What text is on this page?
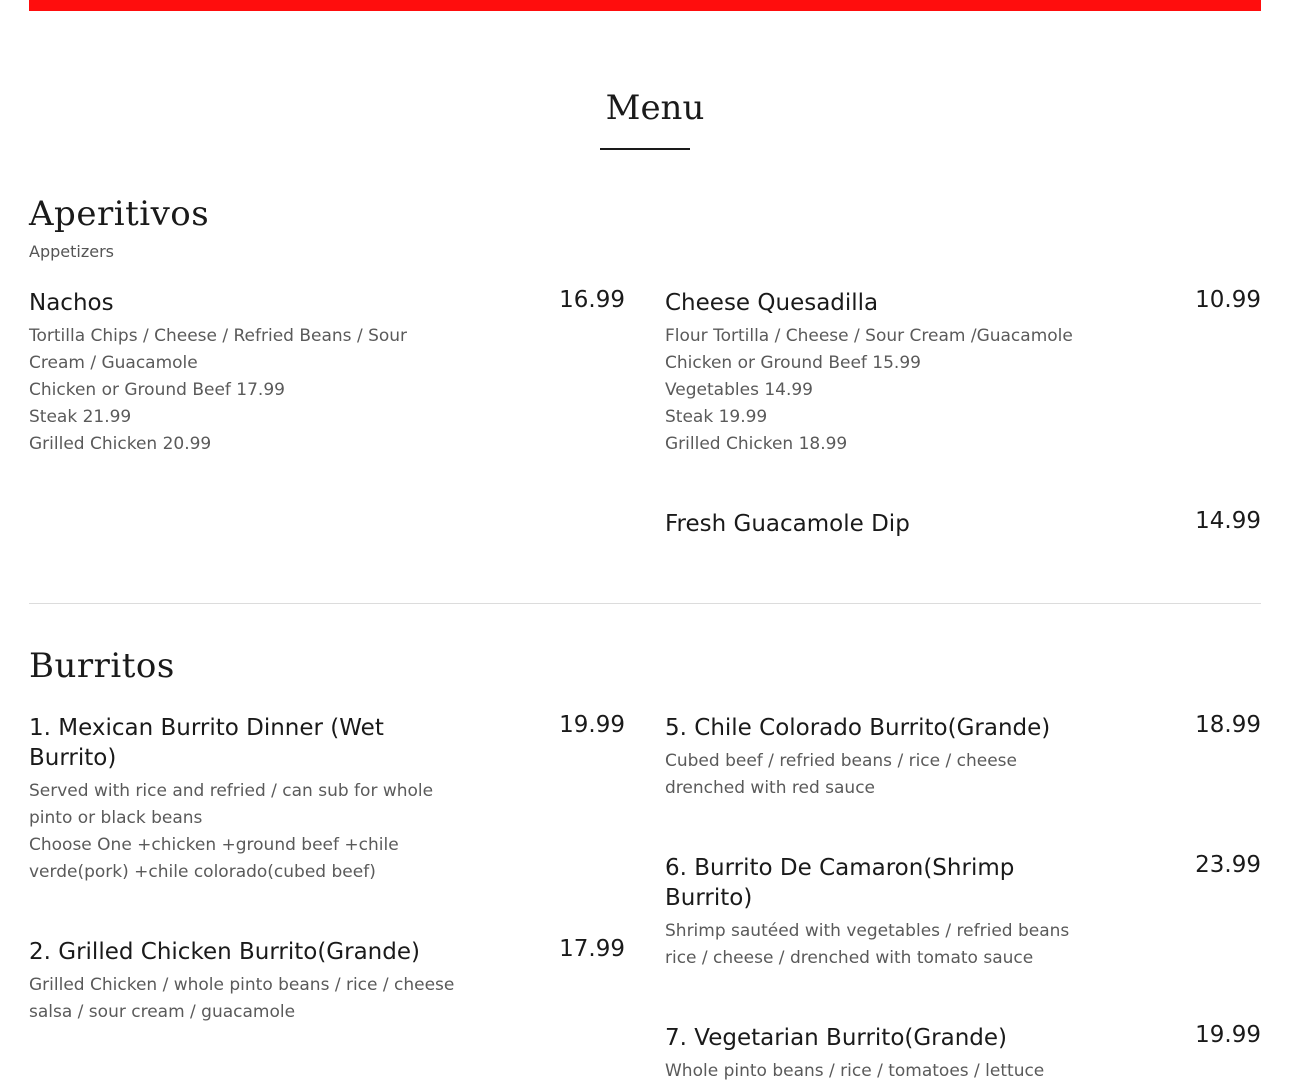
Menu
Aperitivos
Appetizers
Nachos	16.99
Tortilla Chips / Cheese / Refried Beans / Sour Cream / Guacamole
Chicken or Ground Beef 17.99
Steak 21.99
Grilled Chicken 20.99
Cheese Quesadilla	10.99
Flour Tortilla / Cheese / Sour Cream /Guacamole
Chicken or Ground Beef 15.99
Vegetables 14.99
Steak 19.99
Grilled Chicken 18.99
Fresh Guacamole Dip	14.99
Burritos
1. Mexican Burrito Dinner (Wet Burrito)
19.99
Served with rice and refried / can sub for whole pinto or black beans
Choose One +chicken +ground beef +chile verde(pork) +chile colorado(cubed beef)
5. Chile Colorado Burrito(Grande)	18.99
Cubed beef / refried beans / rice / cheese
drenched with red sauce
2. Grilled Chicken Burrito(Grande)	17.99
Grilled Chicken / whole pinto beans / rice / cheese
salsa / sour cream / guacamole
6. Burrito De Camaron(Shrimp Burrito)
23.99
Shrimp sautéed with vegetables / refried beans
rice / cheese / drenched with tomato sauce
7. Vegetarian Burrito(Grande)	19.99
Whole pinto beans / rice / tomatoes / lettuce
